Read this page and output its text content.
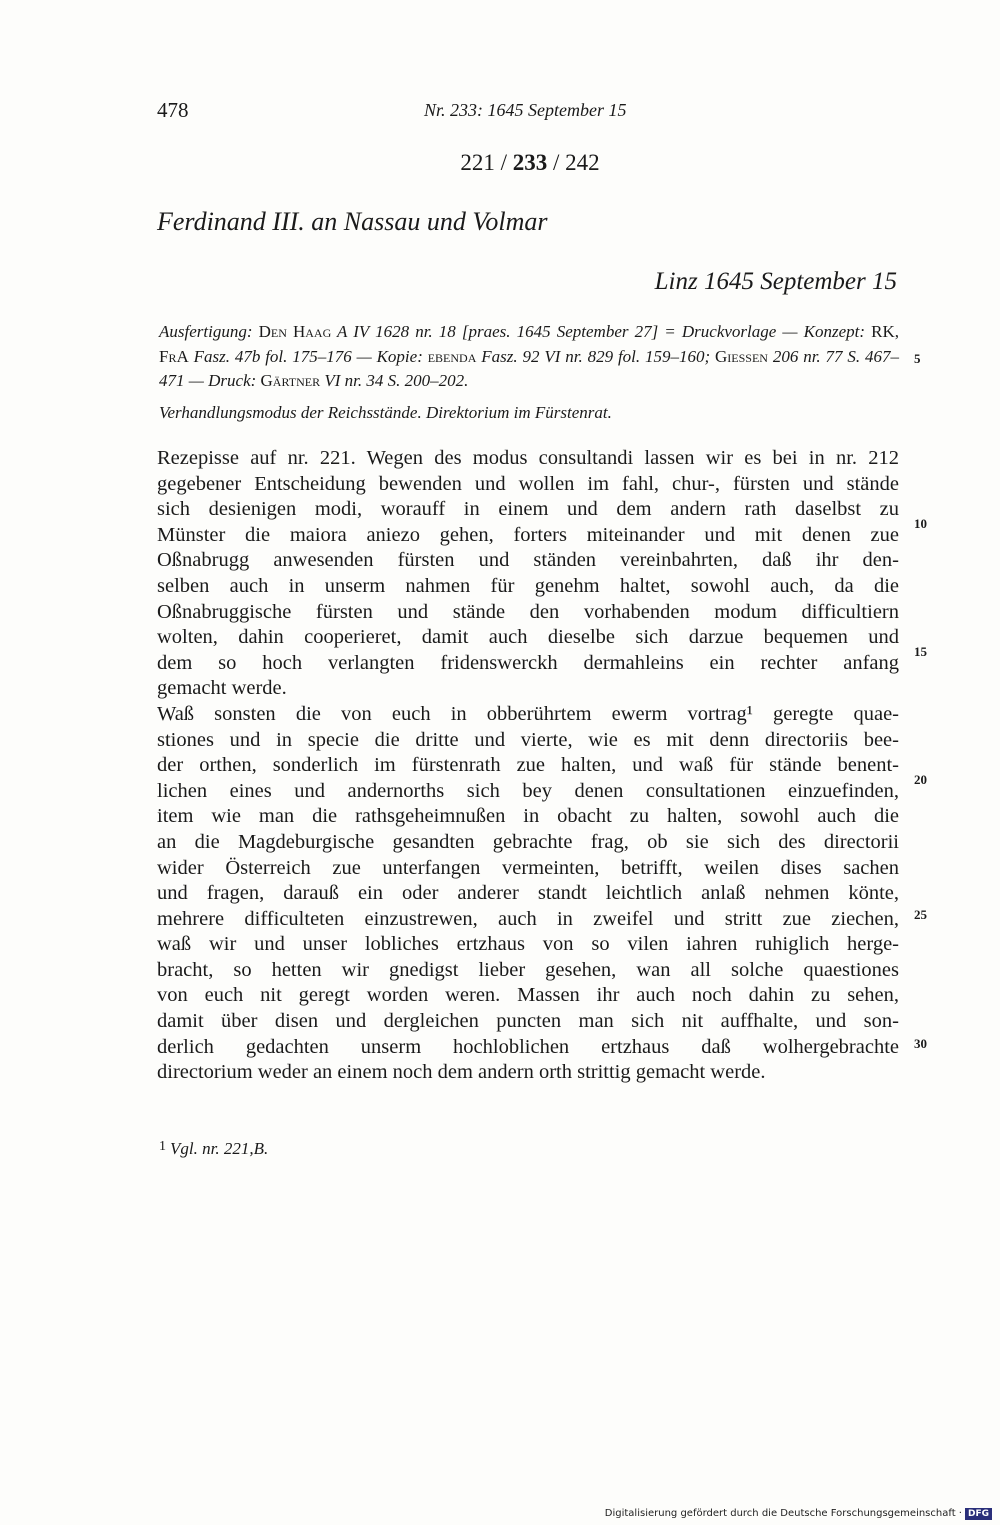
478	Nr. 233: 1645 September 15
221 / 233 / 242
Ferdinand III. an Nassau und Volmar
Linz 1645 September 15
Ausfertigung: Den Haag A IV 1628 nr. 18 [praes. 1645 September 27] = Druckvorlage — Konzept: RK, FrA Fasz. 47b fol. 175–176 — Kopie: ebenda Fasz. 92 VI nr. 829 fol. 159–160; Giessen 206 nr. 77 S. 467–471 — Druck: Gärtner VI nr. 34 S. 200–202.
Verhandlungsmodus der Reichsstände. Direktorium im Fürstenrat.
Rezepisse auf nr. 221. Wegen des modus consultandi lassen wir es bei in nr. 212
gegebener Entscheidung bewenden und wollen im fahl, chur-, fürsten und stände
sich desienigen modi, worauff in einem und dem andern rath daselbst zu
Münster die maiora aniezo gehen, forters miteinander und mit denen zue
Oßnabrugg anwesenden fürsten und ständen vereinbahrten, daß ihr den-
selben auch in unserm nahmen für genehm haltet, sowohl auch, da die
Oßnabruggische fürsten und stände den vorhabenden modum difficultiern
wolten, dahin cooperieret, damit auch dieselbe sich darzue bequemen und
dem so hoch verlangten fridenswerckh dermahleins ein rechter anfang
gemacht werde.
Waß sonsten die von euch in obberührtem ewerm vortrag¹ geregte quae-
stiones und in specie die dritte und vierte, wie es mit denn directoriis bee-
der orthen, sonderlich im fürstenrath zue halten, und waß für stände benent-
lichen eines und andernorths sich bey denen consultationen einzuefinden,
item wie man die rathsgeheimnußen in obacht zu halten, sowohl auch die
an die Magdeburgische gesandten gebrachte frag, ob sie sich des directorii
wider Österreich zue unterfangen vermeinten, betrifft, weilen dises sachen
und fragen, darauß ein oder anderer standt leichtlich anlaß nehmen könte,
mehrere difficulteten einzustrewen, auch in zweifel und stritt zue ziechen,
waß wir und unser lobliches ertzhaus von so vilen iahren ruhiglich herge-
bracht, so hetten wir gnedigst lieber gesehen, wan all solche quaestiones
von euch nit geregt worden weren. Massen ihr auch noch dahin zu sehen,
damit über disen und dergleichen puncten man sich nit auffhalte, und son-
derlich gedachten unserm hochloblichen ertzhaus daß wolhergebrachte
directorium weder an einem noch dem andern orth strittig gemacht werde.
5
10
15
20
25
30
$^1$ Vgl. nr. 221,B.
Digitalisierung gefördert durch die Deutsche Forschungsgemeinschaft · DFG
